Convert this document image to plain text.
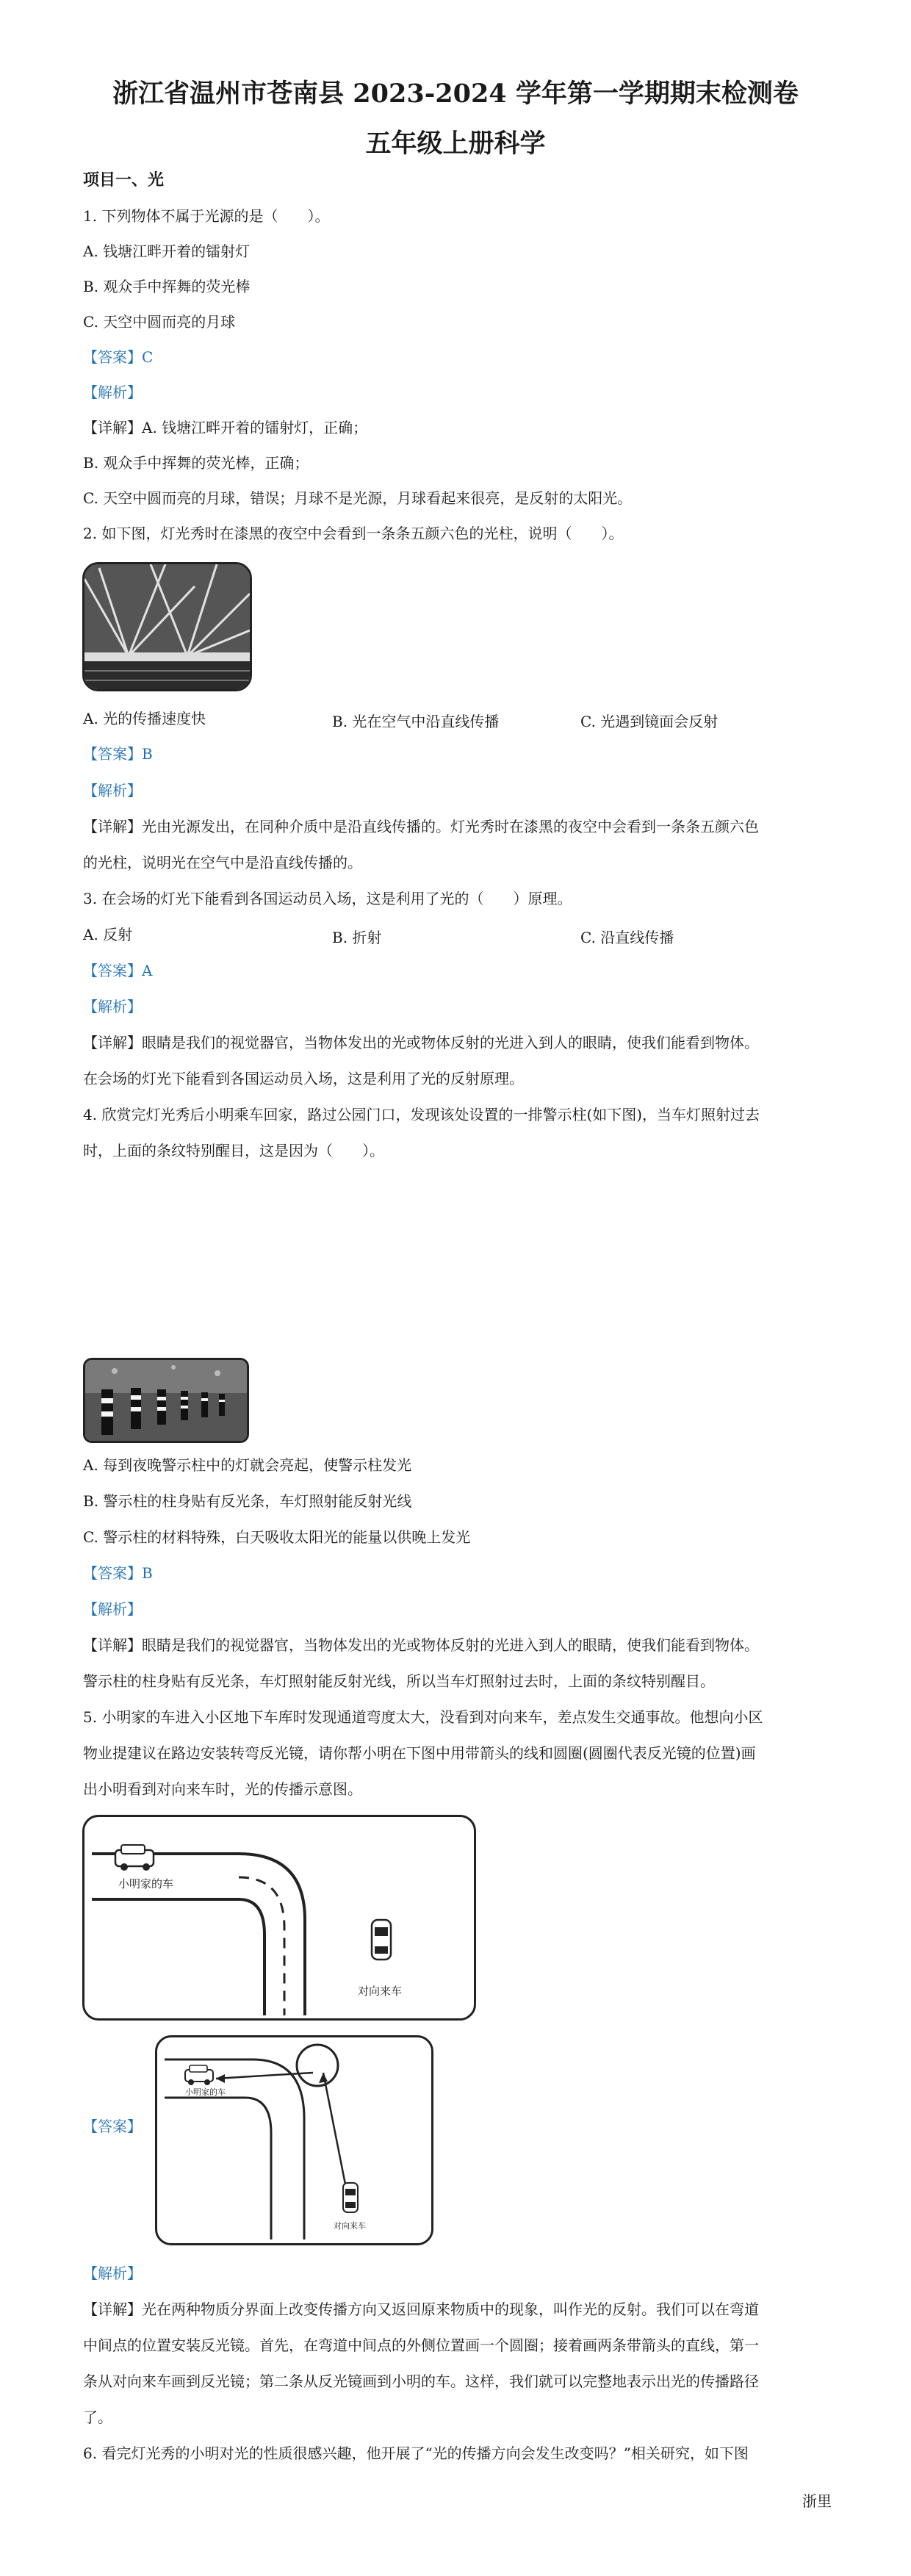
浙江省温州市苍南县 2023-2024 学年第一学期期末检测卷
五年级上册科学
项目一、光
1. 下列物体不属于光源的是（　　）。
A. 钱塘江畔开着的镭射灯
B. 观众手中挥舞的荧光棒
C. 天空中圆而亮的月球
【答案】C
【解析】
【详解】A. 钱塘江畔开着的镭射灯，正确；
B. 观众手中挥舞的荧光棒，正确；
C. 天空中圆而亮的月球，错误；月球不是光源，月球看起来很亮，是反射的太阳光。
2. 如下图，灯光秀时在漆黑的夜空中会看到一条条五颜六色的光柱，说明（　　）。
A. 光的传播速度快	B. 光在空气中沿直线传播	C. 光遇到镜面会反射
【答案】B
【解析】
【详解】光由光源发出，在同种介质中是沿直线传播的。灯光秀时在漆黑的夜空中会看到一条条五颜六色
的光柱，说明光在空气中是沿直线传播的。
3. 在会场的灯光下能看到各国运动员入场，这是利用了光的（　　）原理。
A. 反射	B. 折射	C. 沿直线传播
【答案】A
【解析】
【详解】眼睛是我们的视觉器官，当物体发出的光或物体反射的光进入到人的眼睛，使我们能看到物体。
在会场的灯光下能看到各国运动员入场，这是利用了光的反射原理。
4. 欣赏完灯光秀后小明乘车回家，路过公园门口，发现该处设置的一排警示柱(如下图)，当车灯照射过去
时，上面的条纹特别醒目，这是因为（　　）。
A. 每到夜晚警示柱中的灯就会亮起，使警示柱发光
B. 警示柱的柱身贴有反光条，车灯照射能反射光线
C. 警示柱的材料特殊，白天吸收太阳光的能量以供晚上发光
【答案】B
【解析】
【详解】眼睛是我们的视觉器官，当物体发出的光或物体反射的光进入到人的眼睛，使我们能看到物体。
警示柱的柱身贴有反光条，车灯照射能反射光线，所以当车灯照射过去时，上面的条纹特别醒目。
5. 小明家的车进入小区地下车库时发现通道弯度太大，没看到对向来车，差点发生交通事故。他想向小区
物业提建议在路边安装转弯反光镜，请你帮小明在下图中用带箭头的线和圆圈(圆圈代表反光镜的位置)画
出小明看到对向来车时，光的传播示意图。
小明家的车
对向来车
【答案】
小明家的车
对向来车
【解析】
【详解】光在两种物质分界面上改变传播方向又返回原来物质中的现象，叫作光的反射。我们可以在弯道
中间点的位置安装反光镜。首先，在弯道中间点的外侧位置画一个圆圈；接着画两条带箭头的直线，第一
条从对向来车画到反光镜；第二条从反光镜画到小明的车。这样，我们就可以完整地表示出光的传播路径
了。
6. 看完灯光秀的小明对光的性质很感兴趣，他开展了“光的传播方向会发生改变吗？”相关研究，如下图
浙里
